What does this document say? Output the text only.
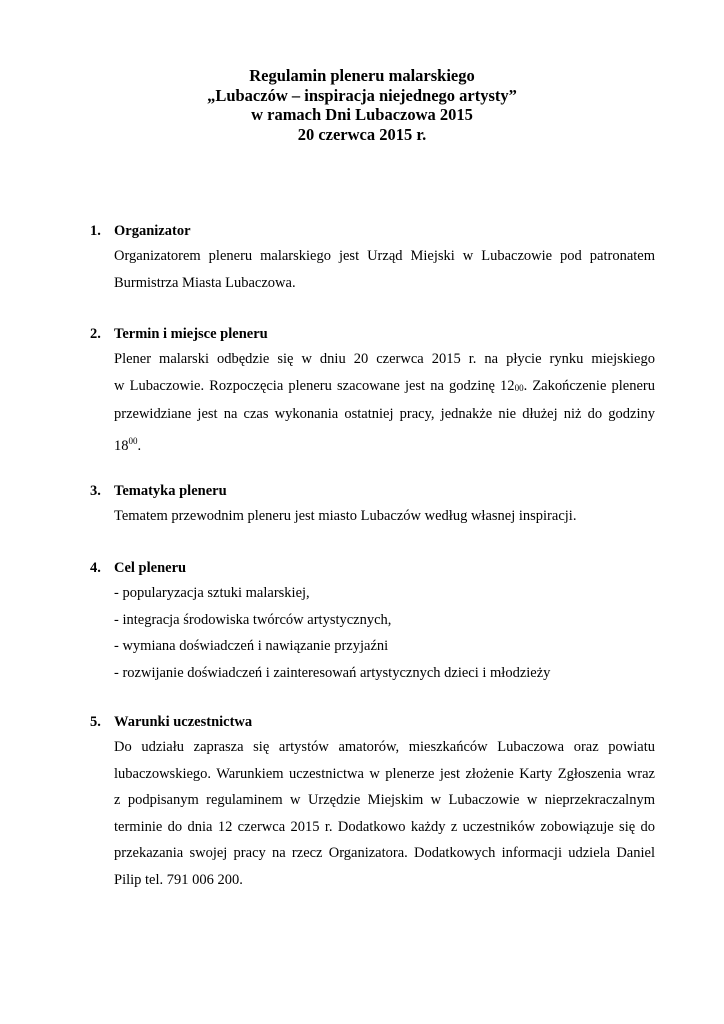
Regulamin pleneru malarskiego
„Lubaczów – inspiracja niejednego artysty”
w ramach Dni Lubaczowa 2015
20 czerwca 2015 r.
1. Organizator
Organizatorem pleneru malarskiego jest Urząd Miejski w Lubaczowie pod patronatem
Burmistrza Miasta Lubaczowa.
2. Termin i miejsce pleneru
Plener malarski odbędzie się w dniu 20 czerwca 2015 r. na płycie rynku miejskiego
w Lubaczowie. Rozpoczęcia pleneru szacowane jest na godzinę 1200. Zakończenie pleneru
przewidziane jest na czas wykonania ostatniej pracy, jednakże nie dłużej niż do godziny
$18^{00}$.
3. Tematyka pleneru
Tematem przewodnim pleneru jest miasto Lubaczów według własnej inspiracji.
4. Cel pleneru
- popularyzacja sztuki malarskiej,
- integracja środowiska twórców artystycznych,
- wymiana doświadczeń i nawiązanie przyjaźni
- rozwijanie doświadczeń i zainteresowań artystycznych dzieci i młodzieży
5. Warunki uczestnictwa
Do udziału zaprasza się artystów amatorów, mieszkańców Lubaczowa oraz powiatu
lubaczowskiego. Warunkiem uczestnictwa w plenerze jest złożenie Karty Zgłoszenia wraz
z podpisanym regulaminem w Urzędzie Miejskim w Lubaczowie w nieprzekraczalnym
terminie do dnia 12 czerwca 2015 r. Dodatkowo każdy z uczestników zobowiązuje się do
przekazania swojej pracy na rzecz Organizatora. Dodatkowych informacji udziela Daniel
Pilip tel. 791 006 200.
